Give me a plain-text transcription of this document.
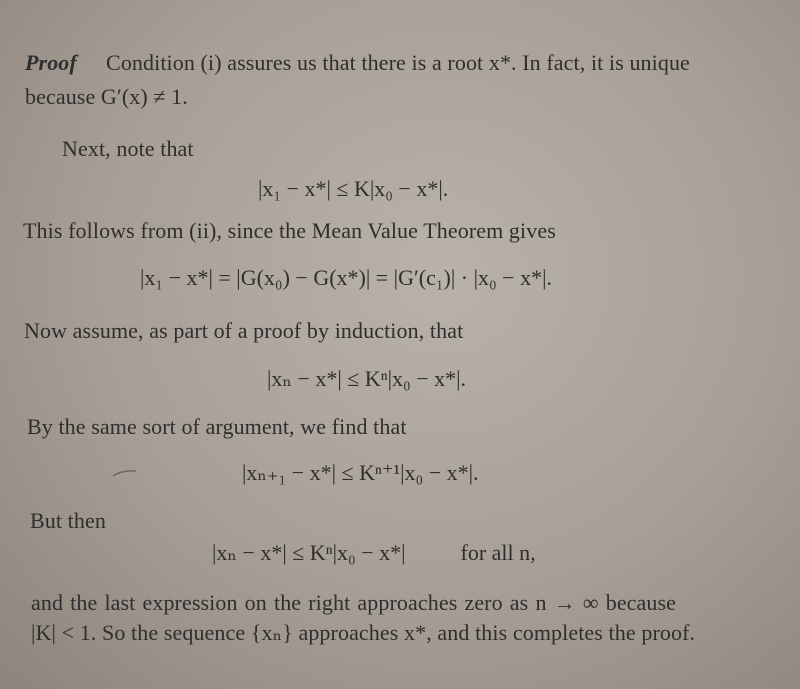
Proof Condition (i) assures us that there is a root x*. In fact, it is unique
because G′(x) ≠ 1.
Next, note that
|x₁ − x*| ≤ K|x₀ − x*|.
This follows from (ii), since the Mean Value Theorem gives
|x₁ − x*| = |G(x₀) − G(x*)| = |G′(c₁)| · |x₀ − x*|.
Now assume, as part of a proof by induction, that
|xₙ − x*| ≤ Kⁿ|x₀ − x*|.
By the same sort of argument, we find that
|xₙ₊₁ − x*| ≤ Kⁿ⁺¹|x₀ − x*|.
But then
|xₙ − x*| ≤ Kⁿ|x₀ − x*|	for all n,
and the last expression on the right approaches zero as n → ∞ because
|K| < 1. So the sequence {xₙ} approaches x*, and this completes the proof.
